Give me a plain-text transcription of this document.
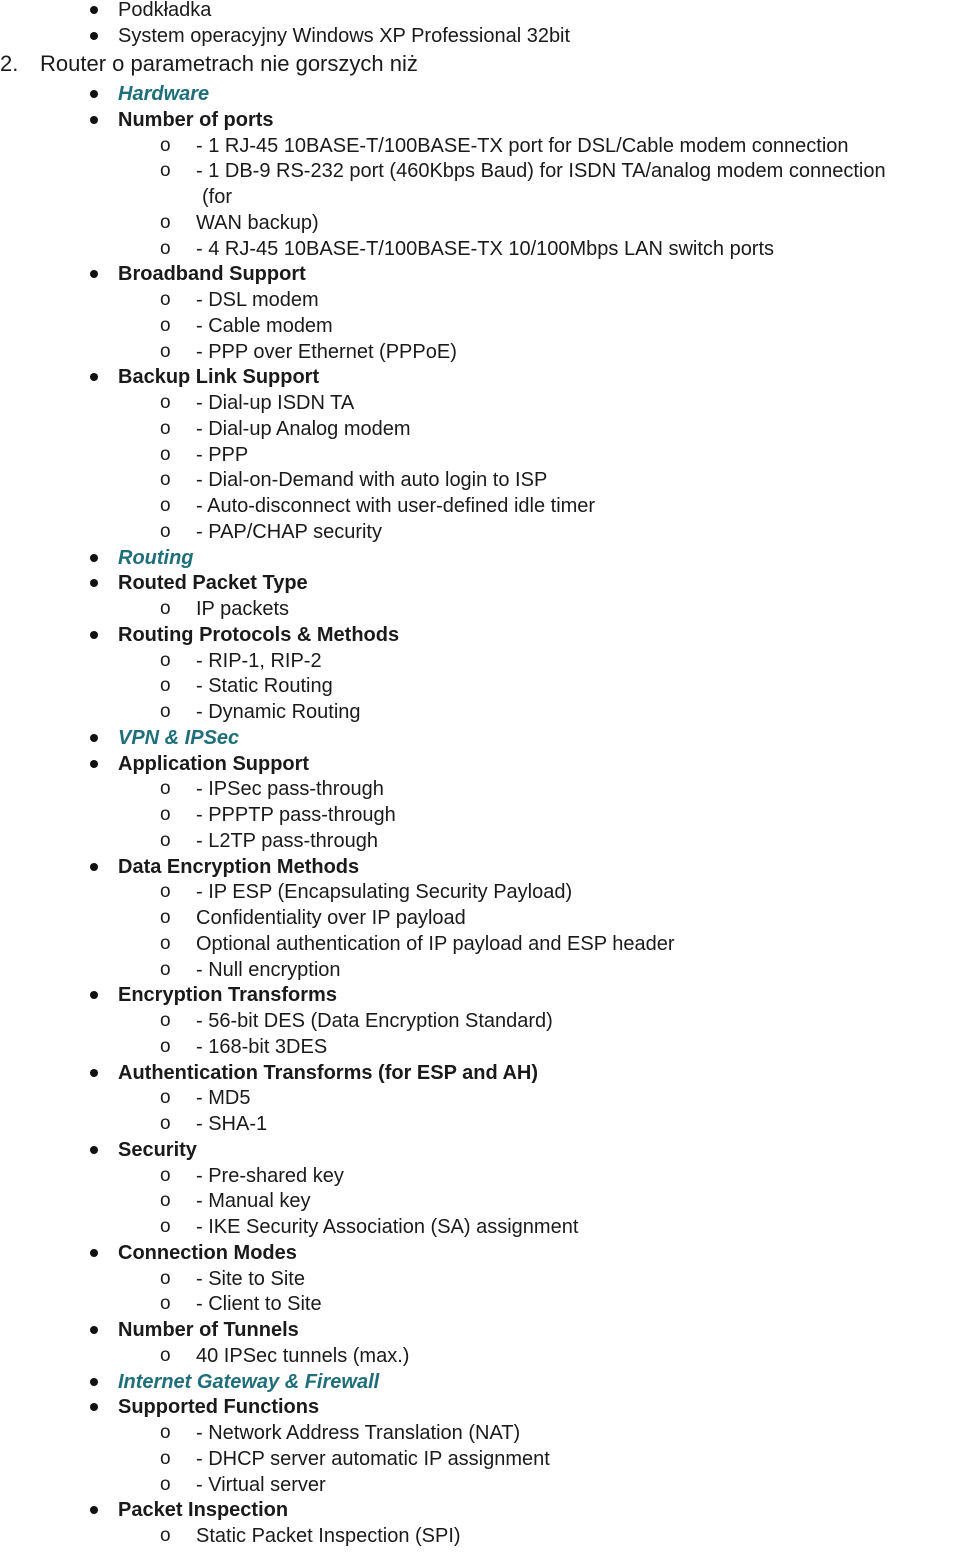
Podkładka
System operacyjny Windows XP Professional 32bit
2. Router o parametrach nie gorszych niż
Hardware
Number of ports
o - 1 RJ-45 10BASE-T/100BASE-TX port for DSL/Cable modem connection
o - 1 DB-9 RS-232 port (460Kbps Baud) for ISDN TA/analog modem connection
(for
o WAN backup)
o - 4 RJ-45 10BASE-T/100BASE-TX 10/100Mbps LAN switch ports
Broadband Support
o - DSL modem
o - Cable modem
o - PPP over Ethernet (PPPoE)
Backup Link Support
o - Dial-up ISDN TA
o - Dial-up Analog modem
o - PPP
o - Dial-on-Demand with auto login to ISP
o - Auto-disconnect with user-defined idle timer
o - PAP/CHAP security
Routing
Routed Packet Type
o IP packets
Routing Protocols & Methods
o - RIP-1, RIP-2
o - Static Routing
o - Dynamic Routing
VPN & IPSec
Application Support
o - IPSec pass-through
o - PPPTP pass-through
o - L2TP pass-through
Data Encryption Methods
o - IP ESP (Encapsulating Security Payload)
o Confidentiality over IP payload
o Optional authentication of IP payload and ESP header
o - Null encryption
Encryption Transforms
o - 56-bit DES (Data Encryption Standard)
o - 168-bit 3DES
Authentication Transforms (for ESP and AH)
o - MD5
o - SHA-1
Security
o - Pre-shared key
o - Manual key
o - IKE Security Association (SA) assignment
Connection Modes
o - Site to Site
o - Client to Site
Number of Tunnels
o 40 IPSec tunnels (max.)
Internet Gateway & Firewall
Supported Functions
o - Network Address Translation (NAT)
o - DHCP server automatic IP assignment
o - Virtual server
Packet Inspection
o Static Packet Inspection (SPI)
